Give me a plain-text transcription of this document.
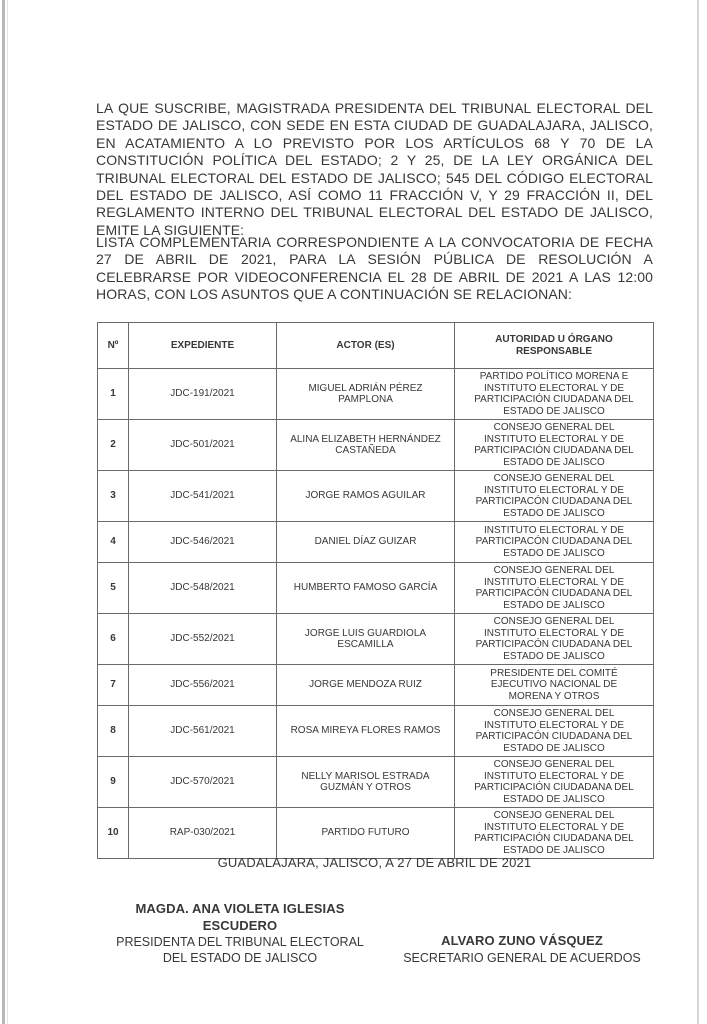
LA QUE SUSCRIBE, MAGISTRADA PRESIDENTA DEL TRIBUNAL ELECTORAL DEL ESTADO DE JALISCO, CON SEDE EN ESTA CIUDAD DE GUADALAJARA, JALISCO, EN ACATAMIENTO A LO PREVISTO POR LOS ARTÍCULOS 68 Y 70 DE LA CONSTITUCIÓN POLÍTICA DEL ESTADO; 2 Y 25, DE LA LEY ORGÁNICA DEL TRIBUNAL ELECTORAL DEL ESTADO DE JALISCO; 545 DEL CÓDIGO ELECTORAL DEL ESTADO DE JALISCO, ASÍ COMO 11 FRACCIÓN V, Y 29 FRACCIÓN II, DEL REGLAMENTO INTERNO DEL TRIBUNAL ELECTORAL DEL ESTADO DE JALISCO, EMITE LA SIGUIENTE:
LISTA COMPLEMENTARIA CORRESPONDIENTE A LA CONVOCATORIA DE FECHA 27 DE ABRIL DE 2021, PARA LA SESIÓN PÚBLICA DE RESOLUCIÓN A CELEBRARSE POR VIDEOCONFERENCIA EL 28 DE ABRIL DE 2021 A LAS 12:00 HORAS, CON LOS ASUNTOS QUE A CONTINUACIÓN SE RELACIONAN:
Nº	EXPEDIENTE	ACTOR (ES)	AUTORIDAD U ÓRGANO RESPONSABLE
1	JDC-191/2021	MIGUEL ADRIÁN PÉREZ PAMPLONA	PARTIDO POLÍTICO MORENA E INSTITUTO ELECTORAL Y DE PARTICIPACIÓN CIUDADANA DEL ESTADO DE JALISCO
2	JDC-501/2021	ALINA ELIZABETH HERNÁNDEZ CASTAÑEDA	CONSEJO GENERAL DEL INSTITUTO ELECTORAL Y DE PARTICIPACIÓN CIUDADANA DEL ESTADO DE JALISCO
3	JDC-541/2021	JORGE RAMOS AGUILAR	CONSEJO GENERAL DEL INSTITUTO ELECTORAL Y DE PARTICIPACÓN CIUDADANA DEL ESTADO DE JALISCO
4	JDC-546/2021	DANIEL DÍAZ GUIZAR	INSTITUTO ELECTORAL Y DE PARTICIPACÓN CIUDADANA DEL ESTADO DE JALISCO
5	JDC-548/2021	HUMBERTO FAMOSO GARCÍA	CONSEJO GENERAL DEL INSTITUTO ELECTORAL Y DE PARTICIPACÓN CIUDADANA DEL ESTADO DE JALISCO
6	JDC-552/2021	JORGE LUIS GUARDIOLA ESCAMILLA	CONSEJO GENERAL DEL INSTITUTO ELECTORAL Y DE PARTICIPACÓN CIUDADANA DEL ESTADO DE JALISCO
7	JDC-556/2021	JORGE MENDOZA RUIZ	PRESIDENTE DEL COMITÉ EJECUTIVO NACIONAL DE MORENA Y OTROS
8	JDC-561/2021	ROSA MIREYA FLORES RAMOS	CONSEJO GENERAL DEL INSTITUTO ELECTORAL Y DE PARTICIPACÓN CIUDADANA DEL ESTADO DE JALISCO
9	JDC-570/2021	NELLY MARISOL ESTRADA GUZMÁN Y OTROS	CONSEJO GENERAL DEL INSTITUTO ELECTORAL Y DE PARTICIPACIÓN CIUDADANA DEL ESTADO DE JALISCO
10	RAP-030/2021	PARTIDO FUTURO	CONSEJO GENERAL DEL INSTITUTO ELECTORAL Y DE PARTICIPACIÓN CIUDADANA DEL ESTADO DE JALISCO
GUADALAJARA, JALISCO, A 27 DE ABRIL DE 2021
MAGDA. ANA VIOLETA IGLESIAS ESCUDERO
PRESIDENTA DEL TRIBUNAL ELECTORAL
DEL ESTADO DE JALISCO
ALVARO ZUNO VÁSQUEZ
SECRETARIO GENERAL DE ACUERDOS
